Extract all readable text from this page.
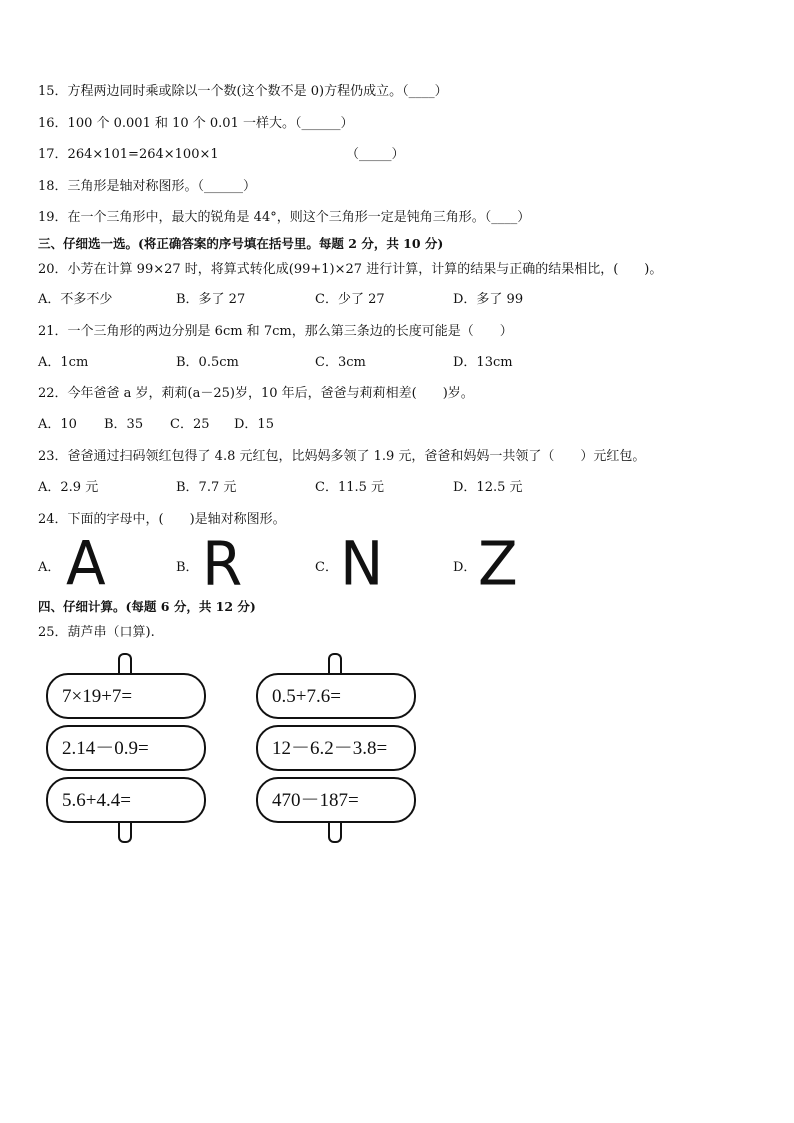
15．方程两边同时乘或除以一个数(这个数不是 0)方程仍成立。（____）
16．100 个 0.001 和 10 个 0.01 一样大。（______）
17．264×101=264×100×1	（_____）
18．三角形是轴对称图形。（______）
19．在一个三角形中，最大的锐角是 44°，则这个三角形一定是钝角三角形。（____）
三、仔细选一选。(将正确答案的序号填在括号里。每题 2 分，共 10 分)
20．小芳在计算 99×27 时，将算式转化成(99+1)×27 进行计算，计算的结果与正确的结果相比，(　　)。
A．不多不少	B．多了 27	C．少了 27	D．多了 99
21．一个三角形的两边分别是 6cm 和 7cm，那么第三条边的长度可能是（　　）
A．1cm	B．0.5cm	C．3cm	D．13cm
22．今年爸爸 a 岁，莉莉(a－25)岁，10 年后，爸爸与莉莉相差(　　)岁。
A．10 B．35 C．25 D．15
23．爸爸通过扫码领红包得了 4.8 元红包，比妈妈多领了 1.9 元，爸爸和妈妈一共领了（　　）元红包。
A．2.9 元	B．7.7 元	C．11.5 元	D．12.5 元
24．下面的字母中，(　　)是轴对称图形。
A． A	B． R	C． N	D． Z
四、仔细计算。(每题 6 分，共 12 分)
25．葫芦串（口算).
7×19+7=
2.14－0.9=
5.6+4.4=
0.5+7.6=
12－6.2－3.8=
470－187=
